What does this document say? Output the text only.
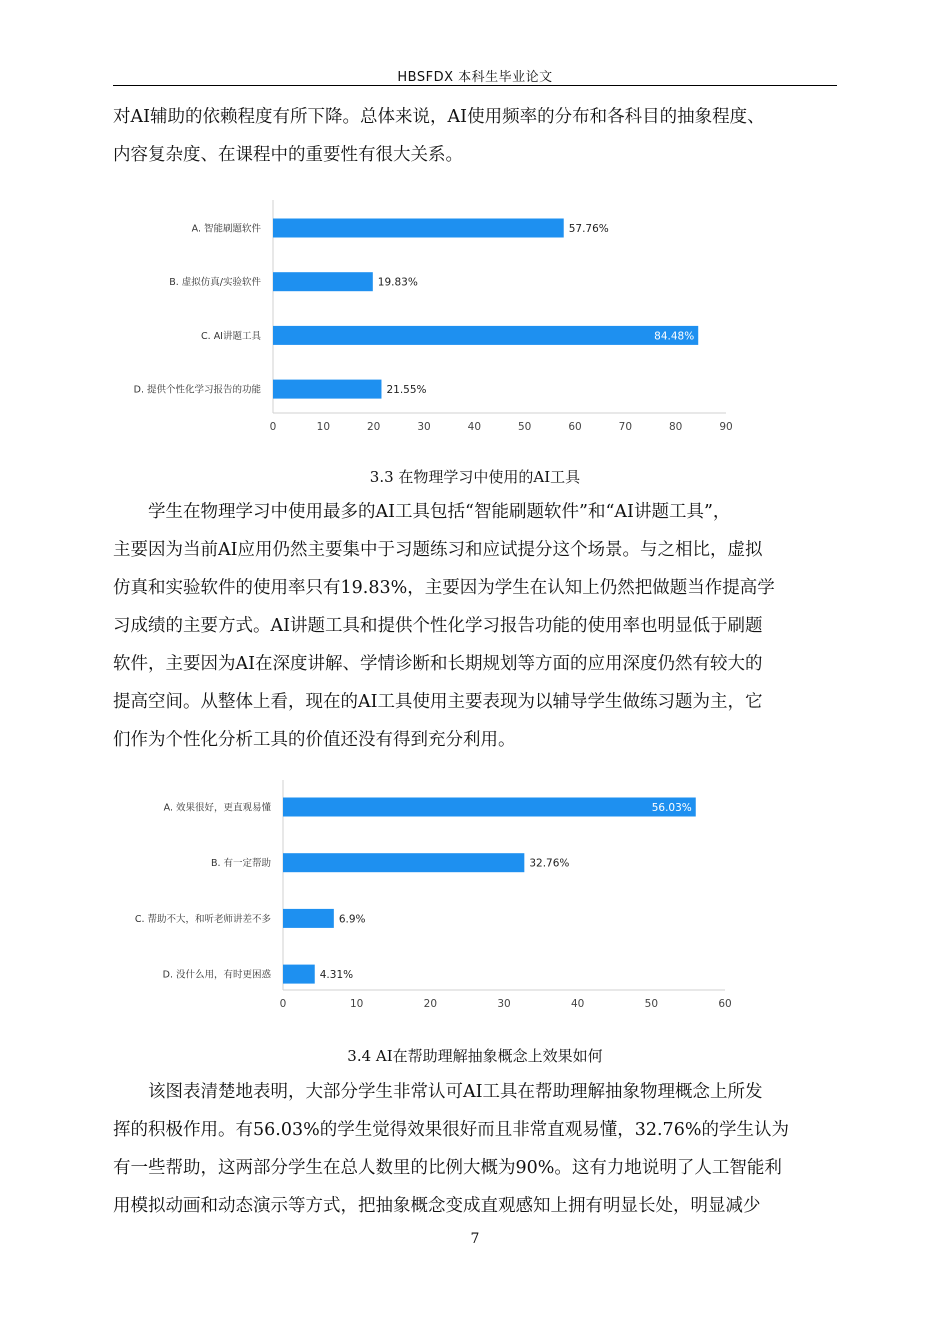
HBSFDX 本科生毕业论文
对AI辅助的依赖程度有所下降。总体来说，AI使用频率的分布和各科目的抽象程度、
内容复杂度、在课程中的重要性有很大关系。
0	10	20	30	40	50	60	70	80	90
A. 智能刷题软件	57.76%
B. 虚拟仿真/实验软件	19.83%
C. AI讲题工具	84.48%
D. 提供个性化学习报告的功能	21.55%
3.3 在物理学习中使用的AI工具
学生在物理学习中使用最多的AI工具包括“智能刷题软件”和“AI讲题工具”，
主要因为当前AI应用仍然主要集中于习题练习和应试提分这个场景。与之相比，虚拟
仿真和实验软件的使用率只有19.83%，主要因为学生在认知上仍然把做题当作提高学
习成绩的主要方式。AI讲题工具和提供个性化学习报告功能的使用率也明显低于刷题
软件，主要因为AI在深度讲解、学情诊断和长期规划等方面的应用深度仍然有较大的
提高空间。从整体上看，现在的AI工具使用主要表现为以辅导学生做练习题为主，它
们作为个性化分析工具的价值还没有得到充分利用。
0	10	20	30	40	50	60
A. 效果很好，更直观易懂	56.03%
B. 有一定帮助	32.76%
C. 帮助不大，和听老师讲差不多	6.9%
D. 没什么用，有时更困惑	4.31%
3.4 AI在帮助理解抽象概念上效果如何
该图表清楚地表明，大部分学生非常认可AI工具在帮助理解抽象物理概念上所发
挥的积极作用。有56.03%的学生觉得效果很好而且非常直观易懂，32.76%的学生认为
有一些帮助，这两部分学生在总人数里的比例大概为90%。这有力地说明了人工智能利
用模拟动画和动态演示等方式，把抽象概念变成直观感知上拥有明显长处，明显减少
7
